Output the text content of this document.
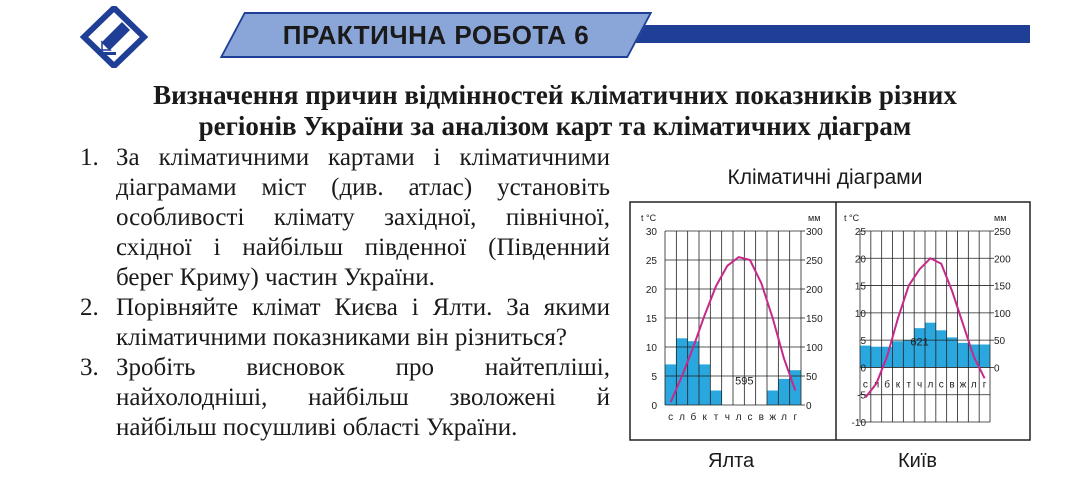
ПРАКТИЧНА РОБОТА 6
Визначення причин відмінностей кліматичних показників різних
регіонів України за аналізом карт та кліматичних діаграм
1. За кліматичними картами і кліматичними діаграмами міст (див. атлас) установіть особливості клімату західної, північної, східної і найбільш південної (Південний берег Криму) частин України.
2. Порівняйте клімат Києва і Ялти. За якими кліматичними показниками він різниться?
3. Зробіть висновок про найтепліші, найхолодніші, найбільш зволожені й найбільш посушливі області України.
Кліматичні діаграми
30
25
20
15
10
5
0
300
250
200
150
100
50
0
t °C	мм
с л б к т ч л с в ж л г
595
25
20
15
10
5
0
-5
-10
250
200
150
100
50
0
t °C	мм
с л б к т ч л с в ж л г
621
Ялта	Київ
